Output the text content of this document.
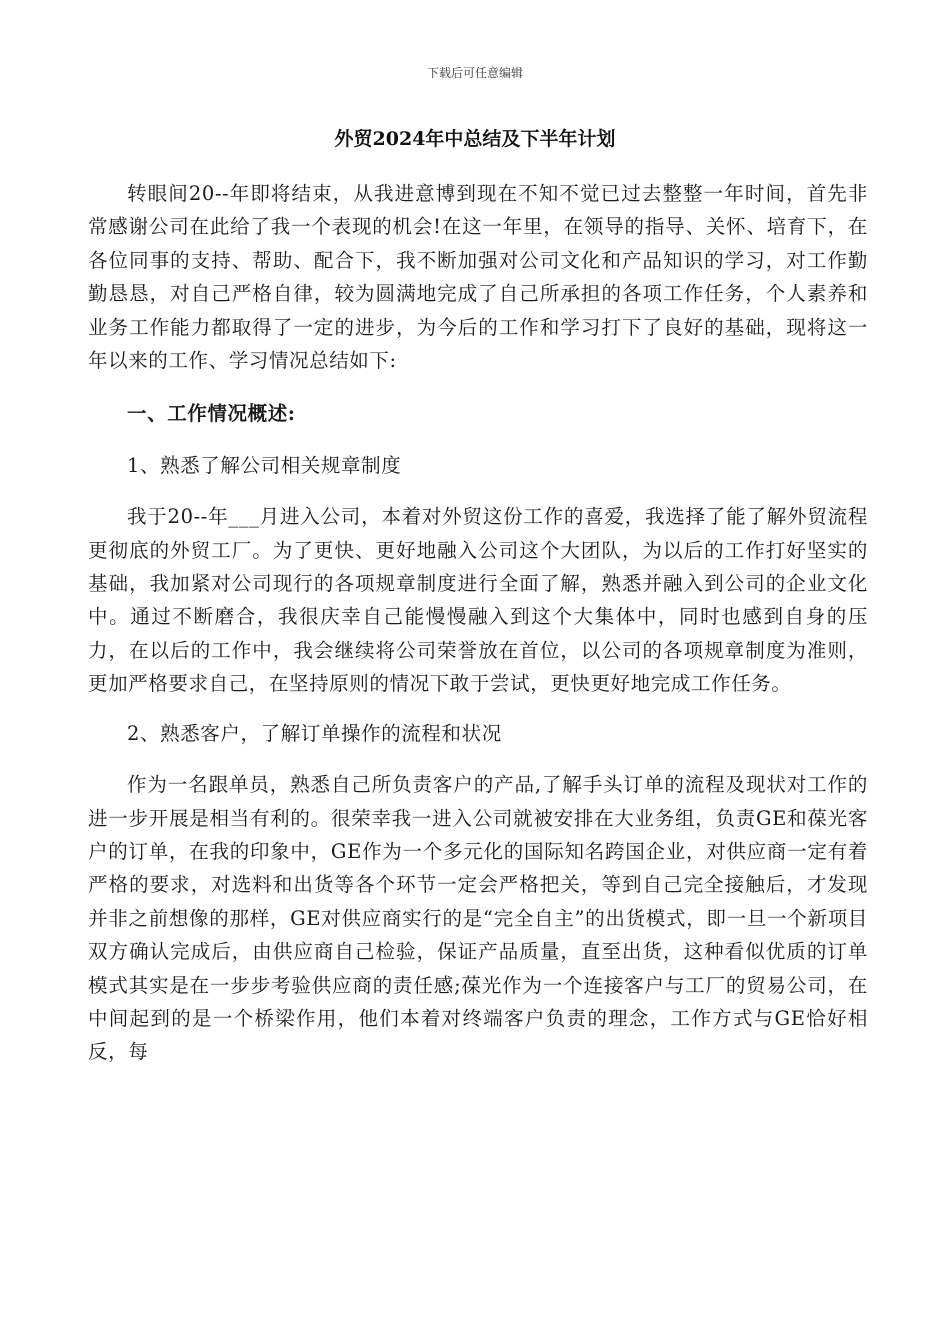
下载后可任意编辑
外贸2024年中总结及下半年计划

转眼间20--年即将结束，从我进意博到现在不知不觉已过去整整一年时间，首先非常感谢公司在此给了我一个表现的机会!在这一年里，在领导的指导、关怀、培育下，在各位同事的支持、帮助、配合下，我不断加强对公司文化和产品知识的学习，对工作勤勤恳恳，对自己严格自律，较为圆满地完成了自己所承担的各项工作任务，个人素养和业务工作能力都取得了一定的进步，为今后的工作和学习打下了良好的基础，现将这一年以来的工作、学习情况总结如下:

一、工作情况概述:

1、熟悉了解公司相关规章制度

我于20--年___月进入公司，本着对外贸这份工作的喜爱，我选择了能了解外贸流程更彻底的外贸工厂。为了更快、更好地融入公司这个大团队，为以后的工作打好坚实的基础，我加紧对公司现行的各项规章制度进行全面了解，熟悉并融入到公司的企业文化中。通过不断磨合，我很庆幸自己能慢慢融入到这个大集体中，同时也感到自身的压力，在以后的工作中，我会继续将公司荣誉放在首位，以公司的各项规章制度为准则，更加严格要求自己，在坚持原则的情况下敢于尝试，更快更好地完成工作任务。

2、熟悉客户，了解订单操作的流程和状况

作为一名跟单员，熟悉自己所负责客户的产品,了解手头订单的流程及现状对工作的进一步开展是相当有利的。很荣幸我一进入公司就被安排在大业务组，负责GE和葆光客户的订单，在我的印象中，GE作为一个多元化的国际知名跨国企业，对供应商一定有着严格的要求，对选料和出货等各个环节一定会严格把关，等到自己完全接触后，才发现并非之前想像的那样，GE对供应商实行的是“完全自主”的出货模式，即一旦一个新项目双方确认完成后，由供应商自己检验，保证产品质量，直至出货，这种看似优质的订单模式其实是在一步步考验供应商的责任感;葆光作为一个连接客户与工厂的贸易公司，在中间起到的是一个桥梁作用，他们本着对终端客户负责的理念，工作方式与GE恰好相反，每
